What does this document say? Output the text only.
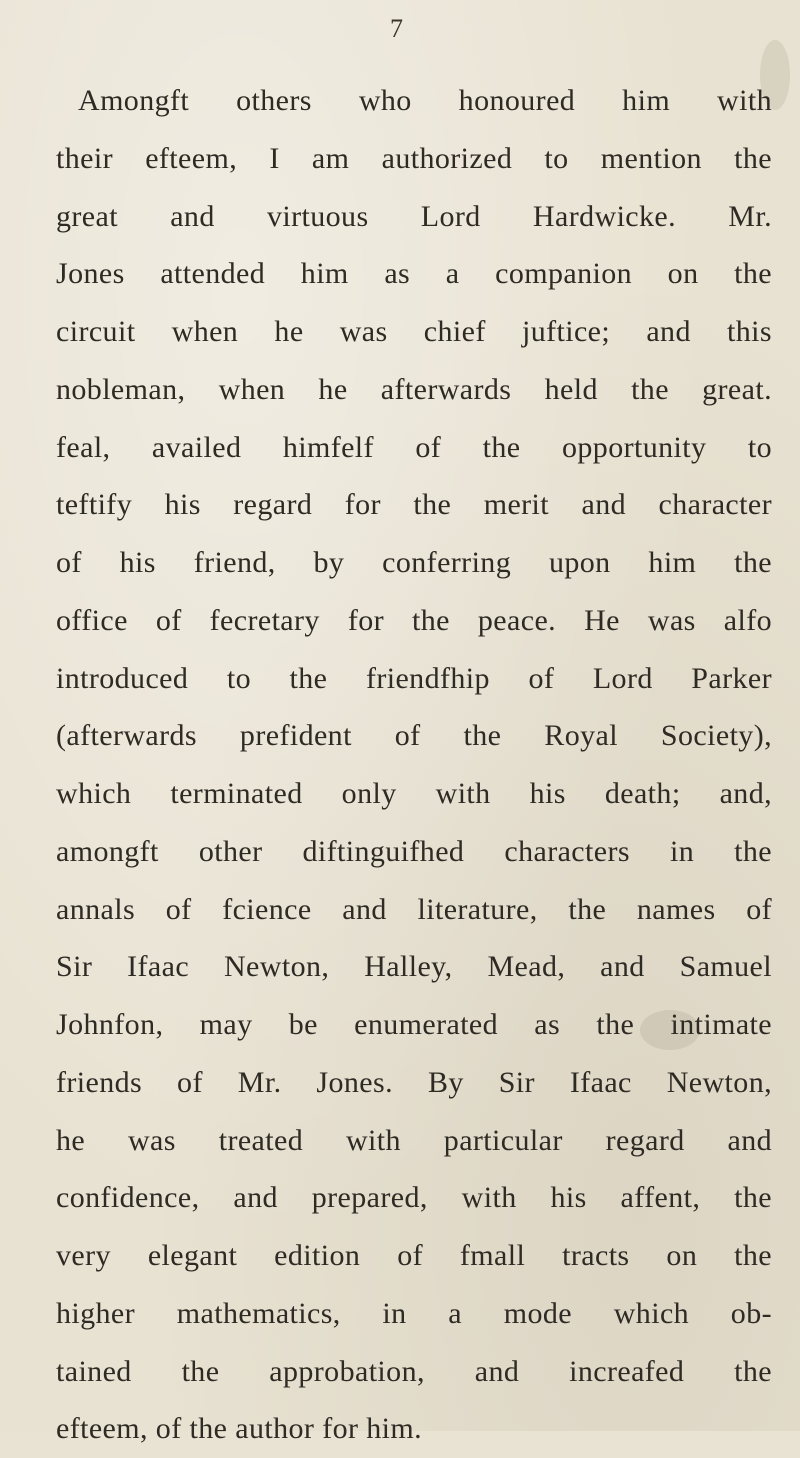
7
Amongft others who honoured him with
their efteem, I am authorized to mention the
great and virtuous Lord Hardwicke. Mr.
Jones attended him as a companion on the
circuit when he was chief juftice; and this
nobleman, when he afterwards held the great.
feal, availed himfelf of the opportunity to
teftify his regard for the merit and character
of his friend, by conferring upon him the
office of fecretary for the peace. He was alfo
introduced to the friendfhip of Lord Parker
(afterwards prefident of the Royal Society),
which terminated only with his death; and,
amongft other diftinguifhed characters in the
annals of fcience and literature, the names of
Sir Ifaac Newton, Halley, Mead, and Samuel
Johnfon, may be enumerated as the intimate
friends of Mr. Jones. By Sir Ifaac Newton,
he was treated with particular regard and
confidence, and prepared, with his affent, the
very elegant edition of fmall tracts on the
higher mathematics, in a mode which ob-
tained the approbation, and increafed the
efteem, of the author for him.
